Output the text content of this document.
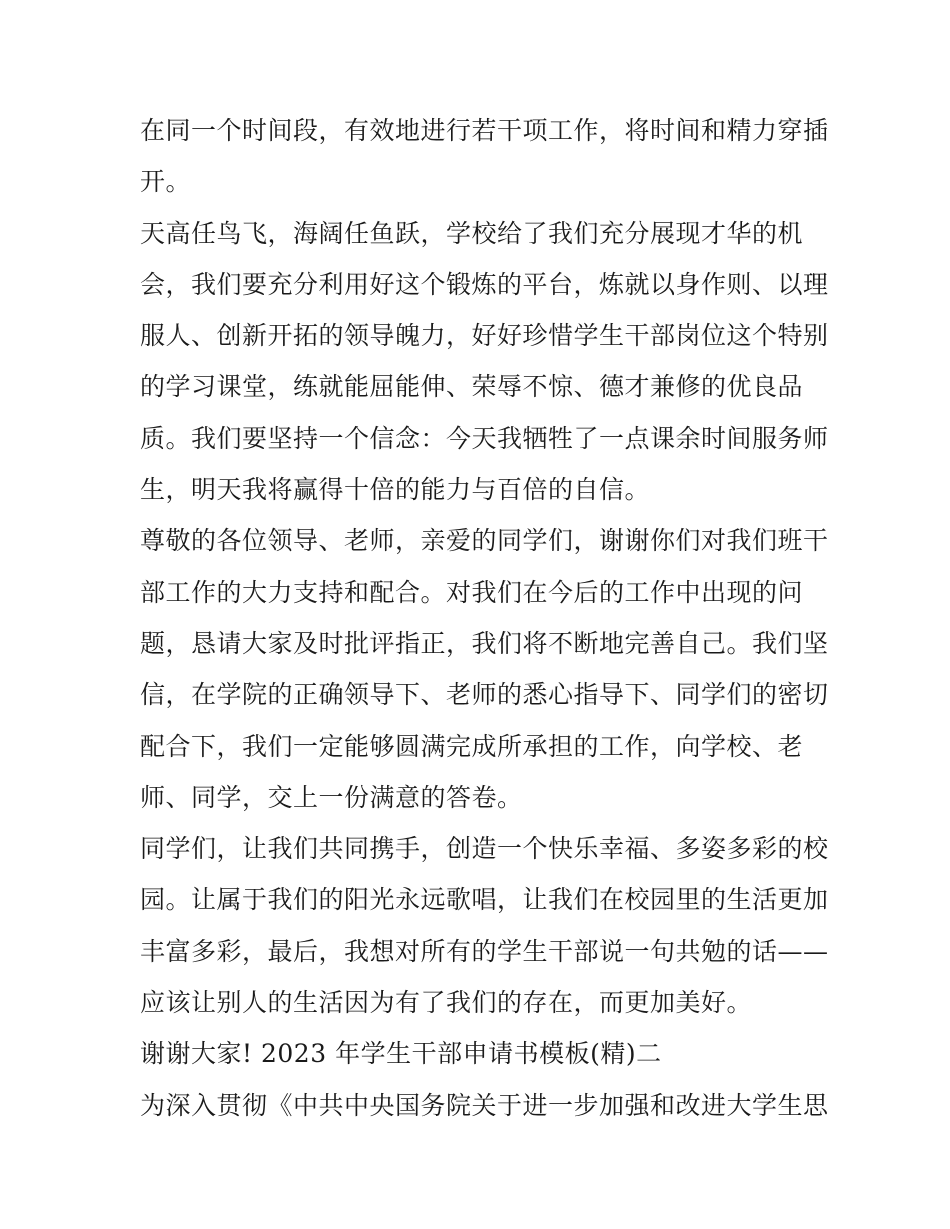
在同一个时间段，有效地进行若干项工作，将时间和精力穿插
开。
天高任鸟飞，海阔任鱼跃，学校给了我们充分展现才华的机
会，我们要充分利用好这个锻炼的平台，炼就以身作则、以理
服人、创新开拓的领导魄力，好好珍惜学生干部岗位这个特别
的学习课堂，练就能屈能伸、荣辱不惊、德才兼修的优良品
质。我们要坚持一个信念：今天我牺牲了一点课余时间服务师
生，明天我将赢得十倍的能力与百倍的自信。
尊敬的各位领导、老师，亲爱的同学们，谢谢你们对我们班干
部工作的大力支持和配合。对我们在今后的工作中出现的问
题，恳请大家及时批评指正，我们将不断地完善自己。我们坚
信，在学院的正确领导下、老师的悉心指导下、同学们的密切
配合下，我们一定能够圆满完成所承担的工作，向学校、老
师、同学，交上一份满意的答卷。
同学们，让我们共同携手，创造一个快乐幸福、多姿多彩的校
园。让属于我们的阳光永远歌唱，让我们在校园里的生活更加
丰富多彩，最后，我想对所有的学生干部说一句共勉的话——
应该让别人的生活因为有了我们的存在，而更加美好。
谢谢大家! 2023 年学生干部申请书模板(精)二
为深入贯彻《中共中央国务院关于进一步加强和改进大学生思
